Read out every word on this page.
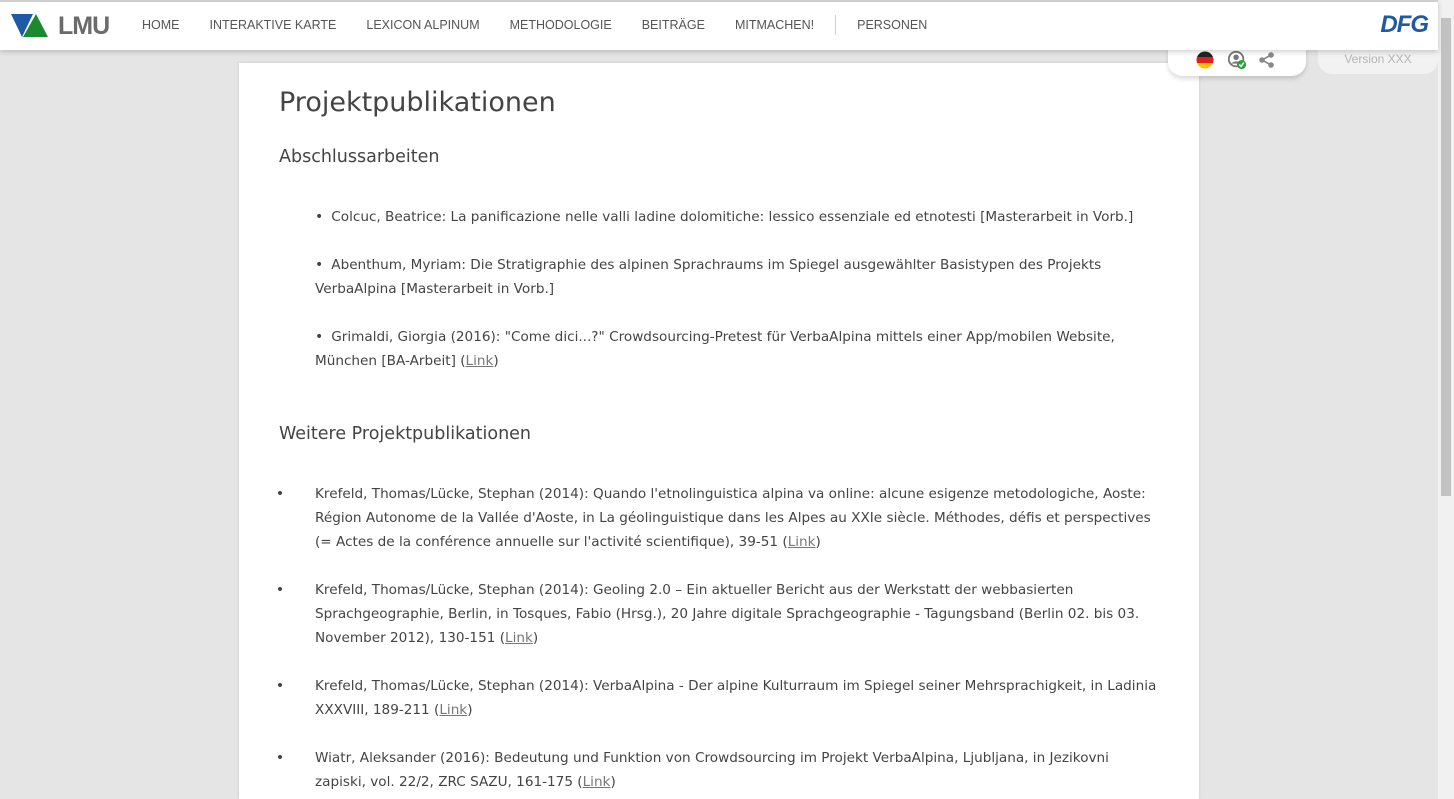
LMU	HOME	INTERAKTIVE KARTE	LEXICON ALPINUM	METHODOLOGIE	BEITRÄGE	MITMACHEN!	PERSONEN	DFG
Version XXX
Projektpublikationen
Abschlussarbeiten
• Colcuc, Beatrice: La panificazione nelle valli ladine dolomitiche: lessico essenziale ed etnotesti [Masterarbeit in Vorb.]
• Abenthum, Myriam: Die Stratigraphie des alpinen Sprachraums im Spiegel ausgewählter Basistypen des Projekts VerbaAlpina [Masterarbeit in Vorb.]
• Grimaldi, Giorgia (2016): "Come dici...?" Crowdsourcing-Pretest für VerbaAlpina mittels einer App/mobilen Website, München [BA-Arbeit] (Link)
Weitere Projektpublikationen
• Krefeld, Thomas/Lücke, Stephan (2014): Quando l'etnolinguistica alpina va online: alcune esigenze metodologiche, Aoste: Région Autonome de la Vallée d'Aoste, in La géolinguistique dans les Alpes au XXIe siècle. Méthodes, défis et perspectives (= Actes de la conférence annuelle sur l'activité scientifique), 39-51 (Link)
• Krefeld, Thomas/Lücke, Stephan (2014): Geoling 2.0 – Ein aktueller Bericht aus der Werkstatt der webbasierten Sprachgeographie, Berlin, in Tosques, Fabio (Hrsg.), 20 Jahre digitale Sprachgeographie - Tagungsband (Berlin 02. bis 03. November 2012), 130-151 (Link)
• Krefeld, Thomas/Lücke, Stephan (2014): VerbaAlpina - Der alpine Kulturraum im Spiegel seiner Mehrsprachigkeit, in Ladinia XXXVIII, 189-211 (Link)
• Wiatr, Aleksander (2016): Bedeutung und Funktion von Crowdsourcing im Projekt VerbaAlpina, Ljubljana, in Jezikovni zapiski, vol. 22/2, ZRC SAZU, 161-175 (Link)
